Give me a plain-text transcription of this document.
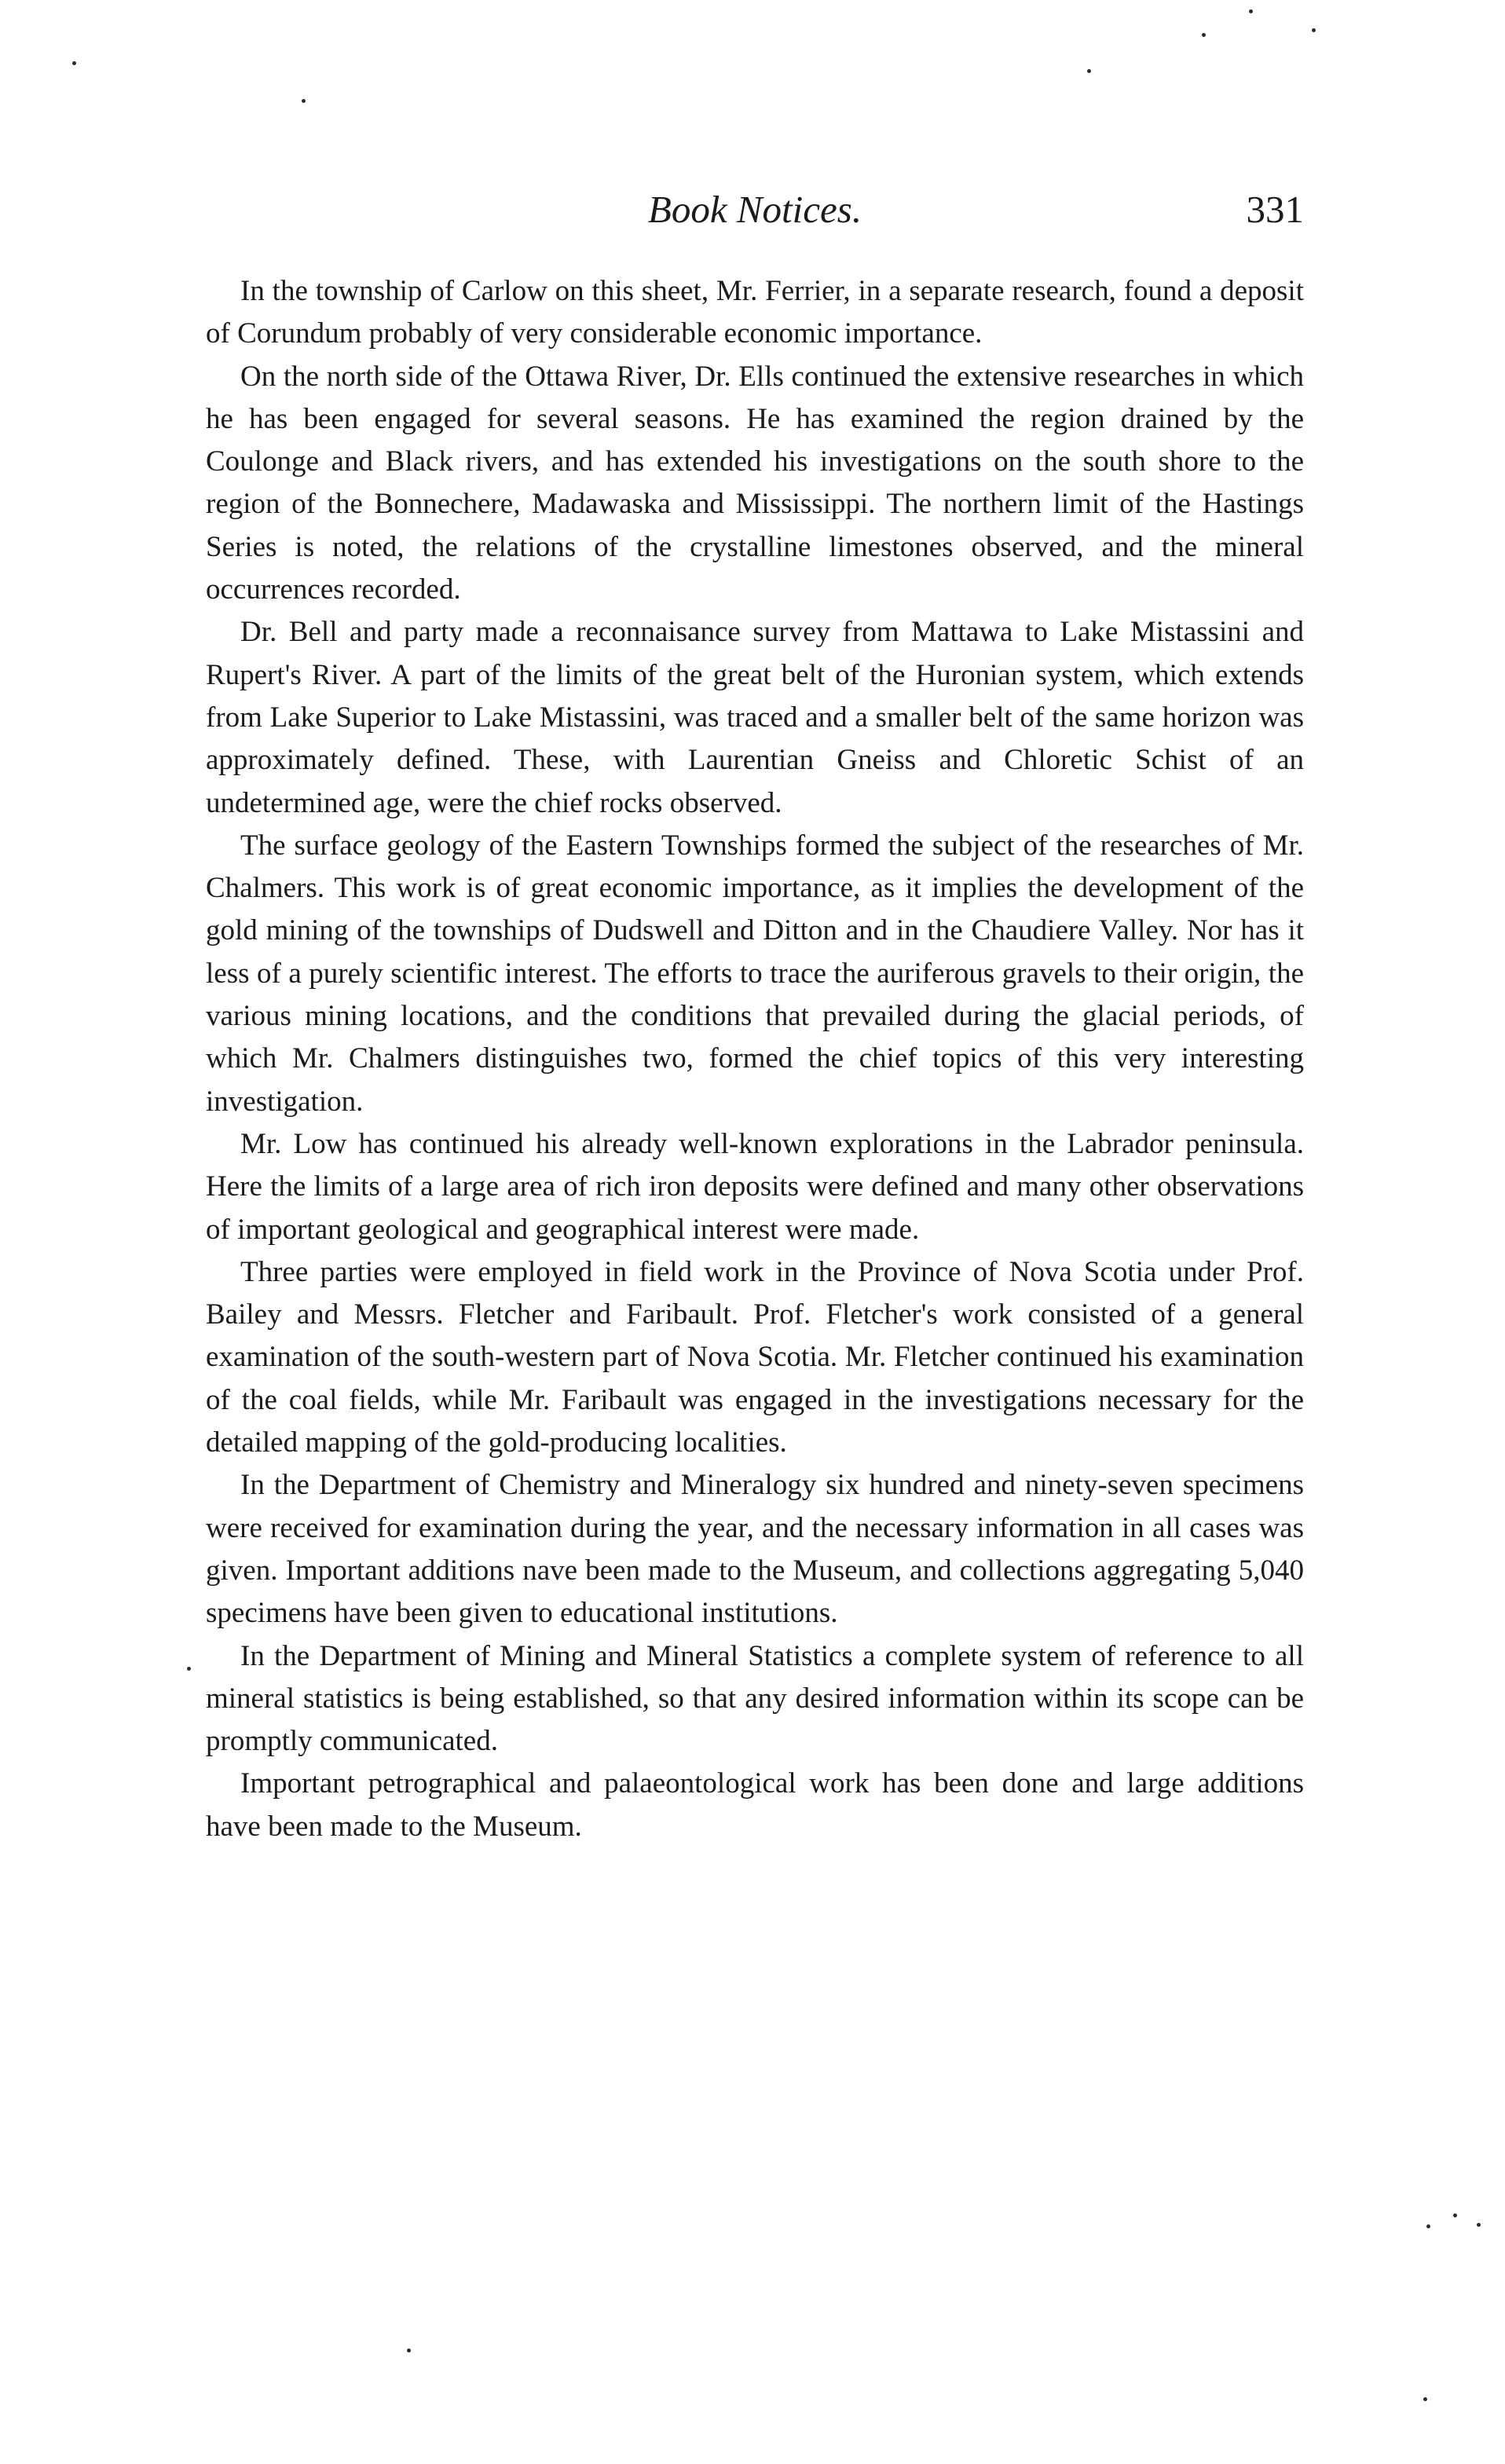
Book Notices.	331

In the township of Carlow on this sheet, Mr. Ferrier, in a separate research, found a deposit of Corundum probably of very considerable economic importance.

On the north side of the Ottawa River, Dr. Ells continued the extensive researches in which he has been engaged for several seasons. He has examined the region drained by the Coulonge and Black rivers, and has extended his investigations on the south shore to the region of the Bonnechere, Madawaska and Mississippi. The northern limit of the Hastings Series is noted, the relations of the crystalline limestones observed, and the mineral occurrences recorded.

Dr. Bell and party made a reconnaisance survey from Mattawa to Lake Mistassini and Rupert's River. A part of the limits of the great belt of the Huronian system, which extends from Lake Superior to Lake Mistassini, was traced and a smaller belt of the same horizon was approximately defined. These, with Laurentian Gneiss and Chloretic Schist of an undetermined age, were the chief rocks observed.

The surface geology of the Eastern Townships formed the subject of the researches of Mr. Chalmers. This work is of great economic importance, as it implies the development of the gold mining of the townships of Dudswell and Ditton and in the Chaudiere Valley. Nor has it less of a purely scientific interest. The efforts to trace the auriferous gravels to their origin, the various mining locations, and the conditions that prevailed during the glacial periods, of which Mr. Chalmers distinguishes two, formed the chief topics of this very interesting investigation.

Mr. Low has continued his already well-known explorations in the Labrador peninsula. Here the limits of a large area of rich iron deposits were defined and many other observations of important geological and geographical interest were made.

Three parties were employed in field work in the Province of Nova Scotia under Prof. Bailey and Messrs. Fletcher and Faribault. Prof. Fletcher's work consisted of a general examination of the south-western part of Nova Scotia. Mr. Fletcher continued his examination of the coal fields, while Mr. Faribault was engaged in the investigations necessary for the detailed mapping of the gold-producing localities.

In the Department of Chemistry and Mineralogy six hundred and ninety-seven specimens were received for examination during the year, and the necessary information in all cases was given. Important additions nave been made to the Museum, and collections aggregating 5,040 specimens have been given to educational institutions.

In the Department of Mining and Mineral Statistics a complete system of reference to all mineral statistics is being established, so that any desired information within its scope can be promptly communicated.

Important petrographical and palaeontological work has been done and large additions have been made to the Museum.
